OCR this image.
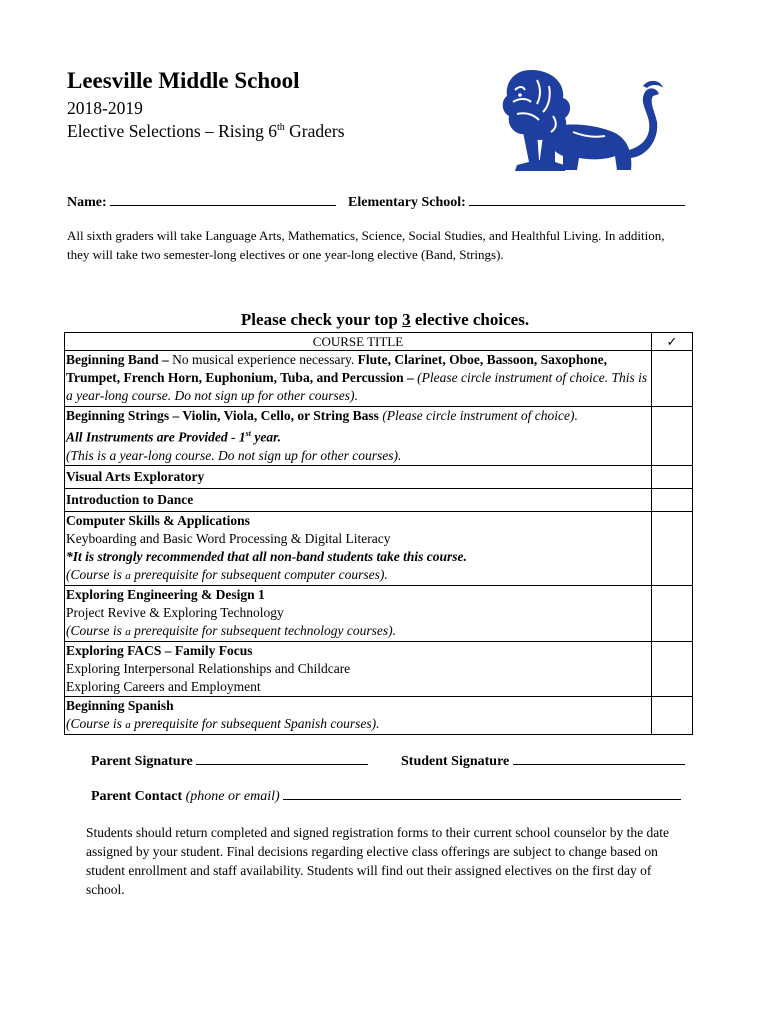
Leesville Middle School
2018-2019
Elective Selections – Rising 6th Graders
Name:	Elementary School:
All sixth graders will take Language Arts, Mathematics, Science, Social Studies, and Healthful Living. In addition, they will take two semester-long electives or one year-long elective (Band, Strings).
Please check your top 3 elective choices.
COURSE TITLE	✓
Beginning Band – No musical experience necessary. Flute, Clarinet, Oboe, Bassoon, Saxophone, Trumpet, French Horn, Euphonium, Tuba, and Percussion – (Please circle instrument of choice. This is a year-long course. Do not sign up for other courses).	
Beginning Strings – Violin, Viola, Cello, or String Bass (Please circle instrument of choice).
All Instruments are Provided - 1st year.
(This is a year-long course. Do not sign up for other courses).	
Visual Arts Exploratory	
Introduction to Dance	
Computer Skills & Applications
Keyboarding and Basic Word Processing & Digital Literacy
*It is strongly recommended that all non-band students take this course.
(Course is a prerequisite for subsequent computer courses).	
Exploring Engineering & Design 1
Project Revive & Exploring Technology
(Course is a prerequisite for subsequent technology courses).	
Exploring FACS – Family Focus
Exploring Interpersonal Relationships and Childcare
Exploring Careers and Employment	
Beginning Spanish
(Course is a prerequisite for subsequent Spanish courses).	
Parent Signature	Student Signature
Parent Contact (phone or email)
Students should return completed and signed registration forms to their current school counselor by the date assigned by your student. Final decisions regarding elective class offerings are subject to change based on student enrollment and staff availability. Students will find out their assigned electives on the first day of school.
